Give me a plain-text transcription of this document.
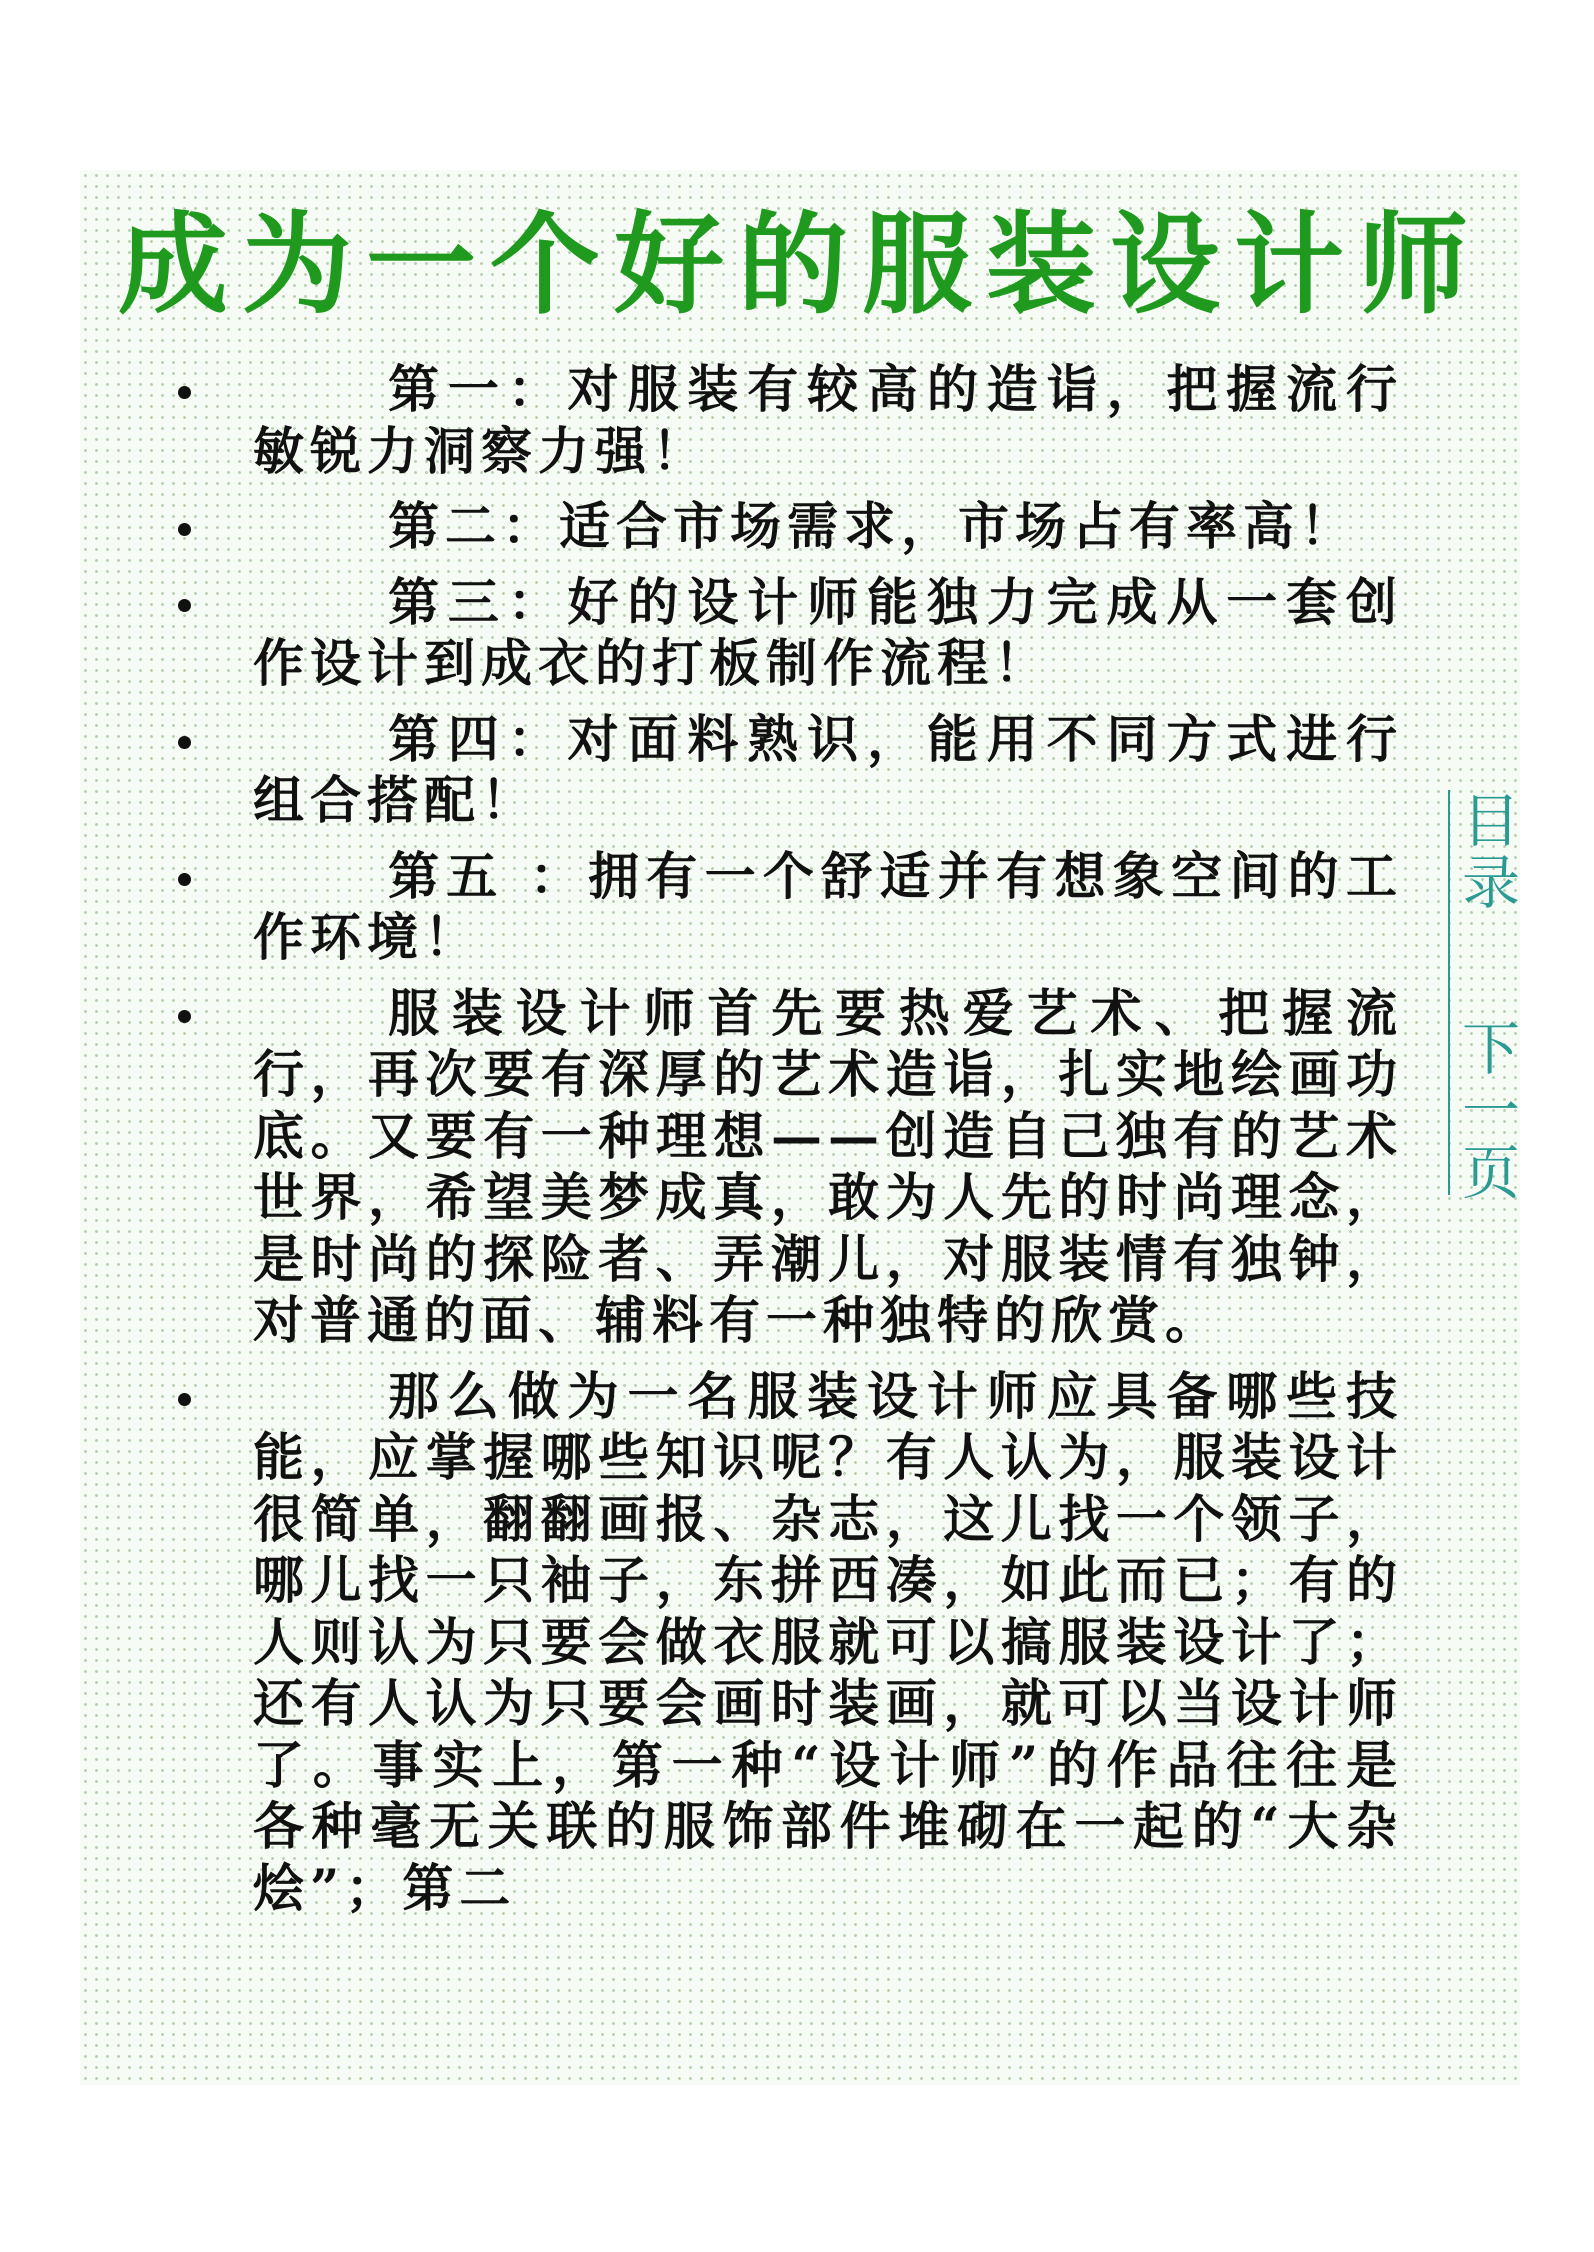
成为一个好的服装设计师
第一：对服装有较高的造诣，把握流行敏锐力洞察力强！
第二：适合市场需求，市场占有率高！
第三：好的设计师能独力完成从一套创作设计到成衣的打板制作流程！
第四：对面料熟识，能用不同方式进行组合搭配！
第五 ：拥有一个舒适并有想象空间的工作环境！
服装设计师首先要热爱艺术、把握流行，再次要有深厚的艺术造诣，扎实地绘画功底。又要有一种理想——创造自己独有的艺术世界，希望美梦成真，敢为人先的时尚理念，是时尚的探险者、弄潮儿，对服装情有独钟，对普通的面、辅料有一种独特的欣赏。
那么做为一名服装设计师应具备哪些技能，应掌握哪些知识呢？有人认为，服装设计很简单，翻翻画报、杂志，这儿找一个领子，哪儿找一只袖子，东拼西凑，如此而已；有的人则认为只要会做衣服就可以搞服装设计了；还有人认为只要会画时装画，就可以当设计师了。事实上，第一种“设计师”的作品往往是各种毫无关联的服饰部件堆砌在一起的“大杂烩”；第二
目录
下一页
